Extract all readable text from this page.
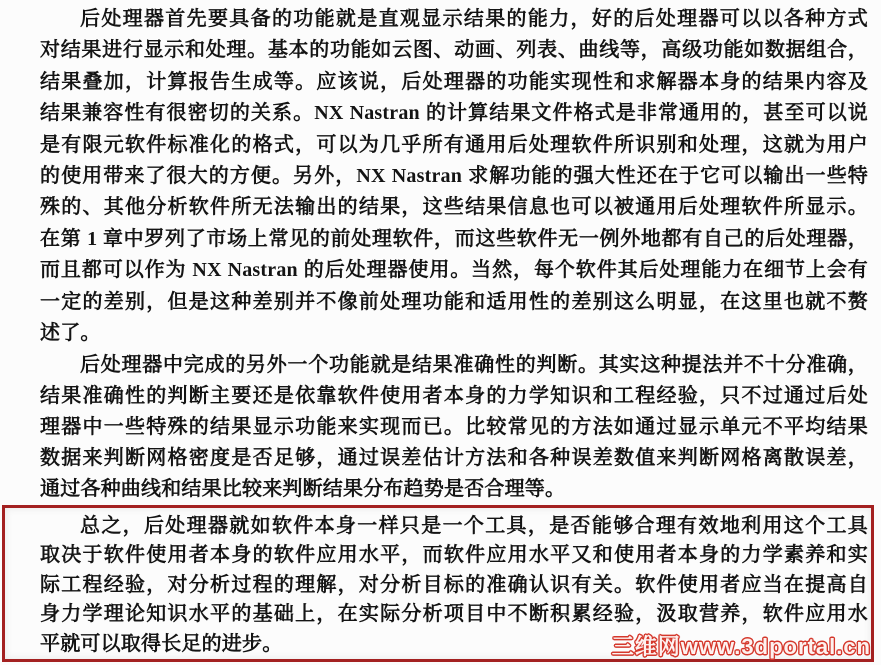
后处理器首先要具备的功能就是直观显示结果的能力，好的后处理器可以以各种方式
对结果进行显示和处理。基本的功能如云图、动画、列表、曲线等，高级功能如数据组合，
结果叠加，计算报告生成等。应该说，后处理器的功能实现性和求解器本身的结果内容及
结果兼容性有很密切的关系。NX Nastran 的计算结果文件格式是非常通用的，甚至可以说
是有限元软件标准化的格式，可以为几乎所有通用后处理软件所识别和处理，这就为用户
的使用带来了很大的方便。另外，NX Nastran 求解功能的强大性还在于它可以输出一些特
殊的、其他分析软件所无法输出的结果，这些结果信息也可以被通用后处理软件所显示。
在第 1 章中罗列了市场上常见的前处理软件，而这些软件无一例外地都有自己的后处理器，
而且都可以作为 NX Nastran 的后处理器使用。当然，每个软件其后处理能力在细节上会有
一定的差别，但是这种差别并不像前处理功能和适用性的差别这么明显，在这里也就不赘
述了。
后处理器中完成的另外一个功能就是结果准确性的判断。其实这种提法并不十分准确，
结果准确性的判断主要还是依靠软件使用者本身的力学知识和工程经验，只不过通过后处
理器中一些特殊的结果显示功能来实现而已。比较常见的方法如通过显示单元不平均结果
数据来判断网格密度是否足够，通过误差估计方法和各种误差数值来判断网格离散误差，
通过各种曲线和结果比较来判断结果分布趋势是否合理等。
总之，后处理器就如软件本身一样只是一个工具，是否能够合理有效地利用这个工具
取决于软件使用者本身的软件应用水平，而软件应用水平又和使用者本身的力学素养和实
际工程经验，对分析过程的理解，对分析目标的准确认识有关。软件使用者应当在提高自
身力学理论知识水平的基础上，在实际分析项目中不断积累经验，汲取营养，软件应用水
平就可以取得长足的进步。	三维网www.3dportal.cn
